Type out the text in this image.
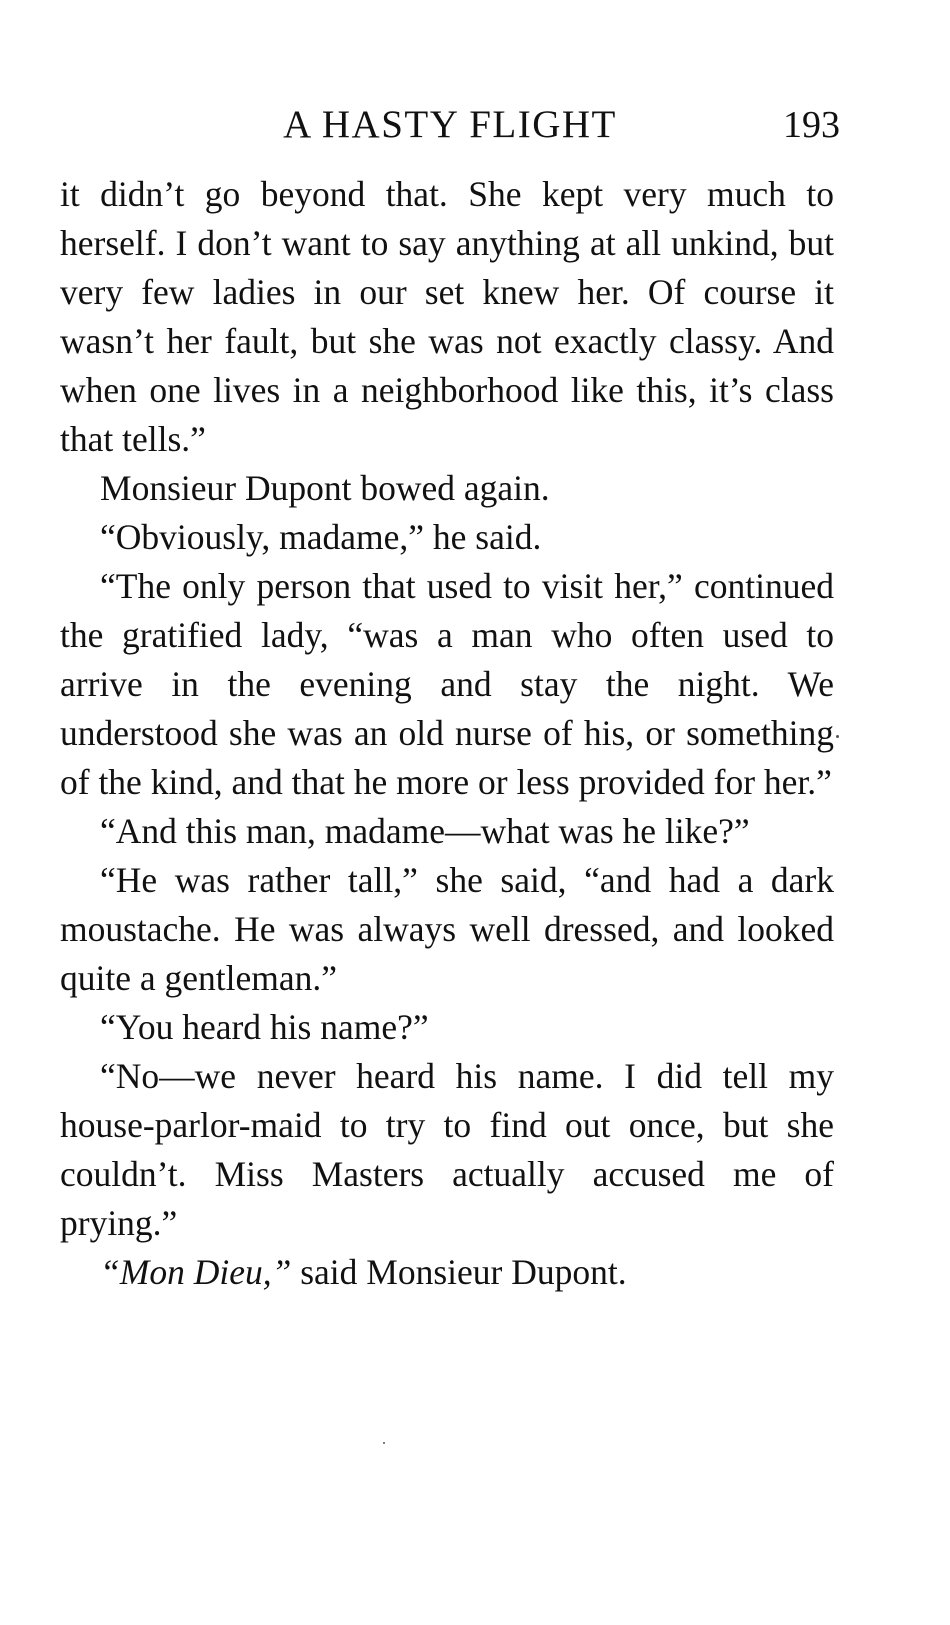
A HASTY FLIGHT	193

it didn’t go beyond that. She kept very much to herself. I don’t want to say anything at all unkind, but very few ladies in our set knew her. Of course it wasn’t her fault, but she was not exactly classy. And when one lives in a neighborhood like this, it’s class that tells.”

Monsieur Dupont bowed again.

“Obviously, madame,” he said.

“The only person that used to visit her,” continued the gratified lady, “was a man who often used to arrive in the evening and stay the night. We understood she was an old nurse of his, or something of the kind, and that he more or less provided for her.”

“And this man, madame—what was he like?”

“He was rather tall,” she said, “and had a dark moustache. He was always well dressed, and looked quite a gentleman.”

“You heard his name?”

“No—we never heard his name. I did tell my house-parlor-maid to try to find out once, but she couldn’t. Miss Masters actually accused me of prying.”

“Mon Dieu,” said Monsieur Dupont.
